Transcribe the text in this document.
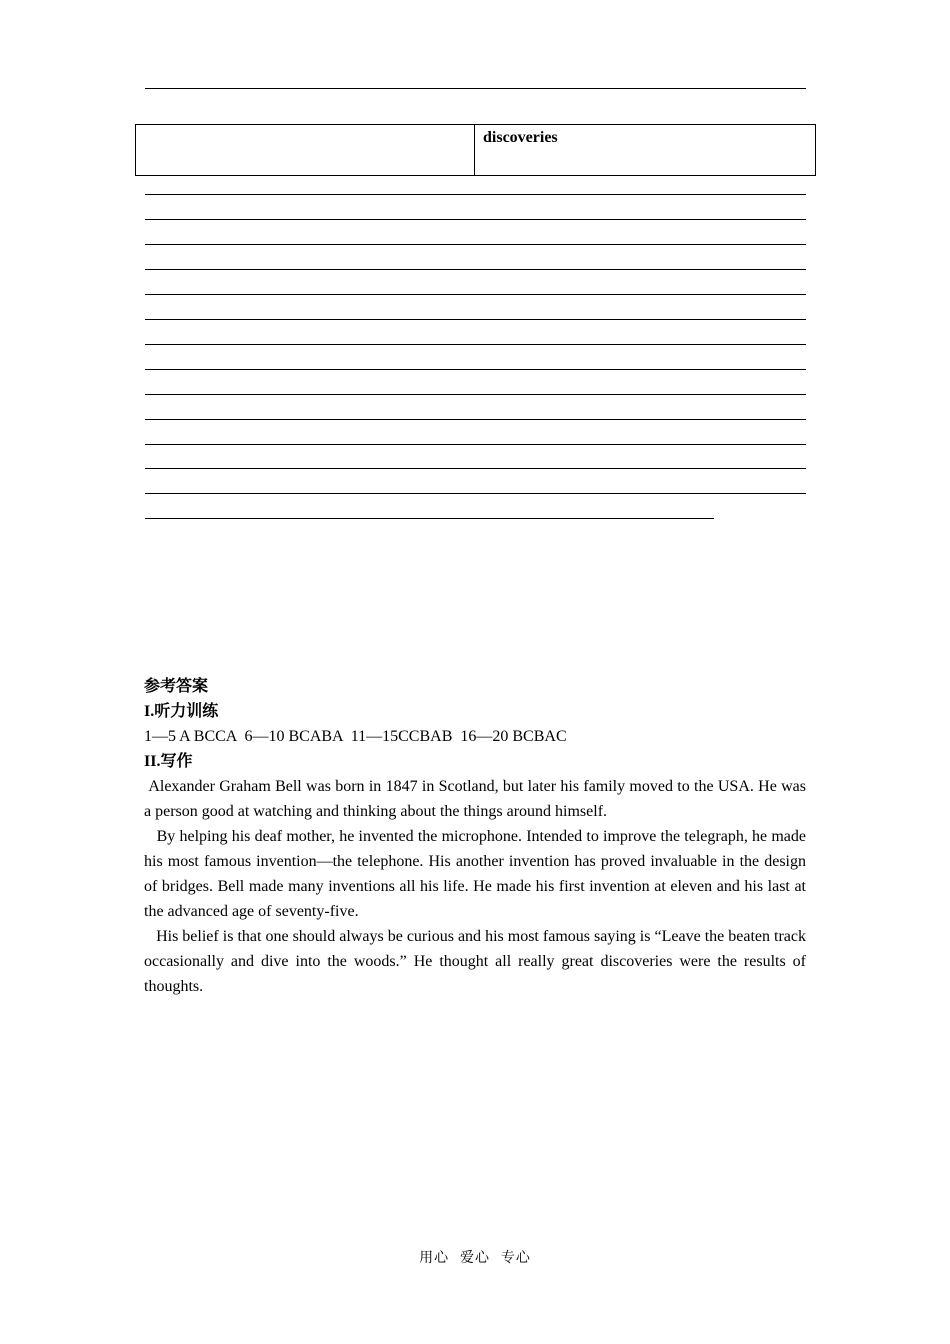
	discoveries

参考答案

I.听力训练

1—5 A BCCA  6—10 BCABA  11—15CCBAB  16—20 BCBAC

II.写作

Alexander Graham Bell was born in 1847 in Scotland, but later his family moved to the USA. He was a person good at watching and thinking about the things around himself.

By helping his deaf mother, he invented the microphone. Intended to improve the telegraph, he made his most famous invention—the telephone. His another invention has proved invaluable in the design of bridges. Bell made many inventions all his life. He made his first invention at eleven and his last at the advanced age of seventy-five.

His belief is that one should always be curious and his most famous saying is “Leave the beaten track occasionally and dive into the woods.” He thought all really great discoveries were the results of thoughts.

用心  爱心  专心
